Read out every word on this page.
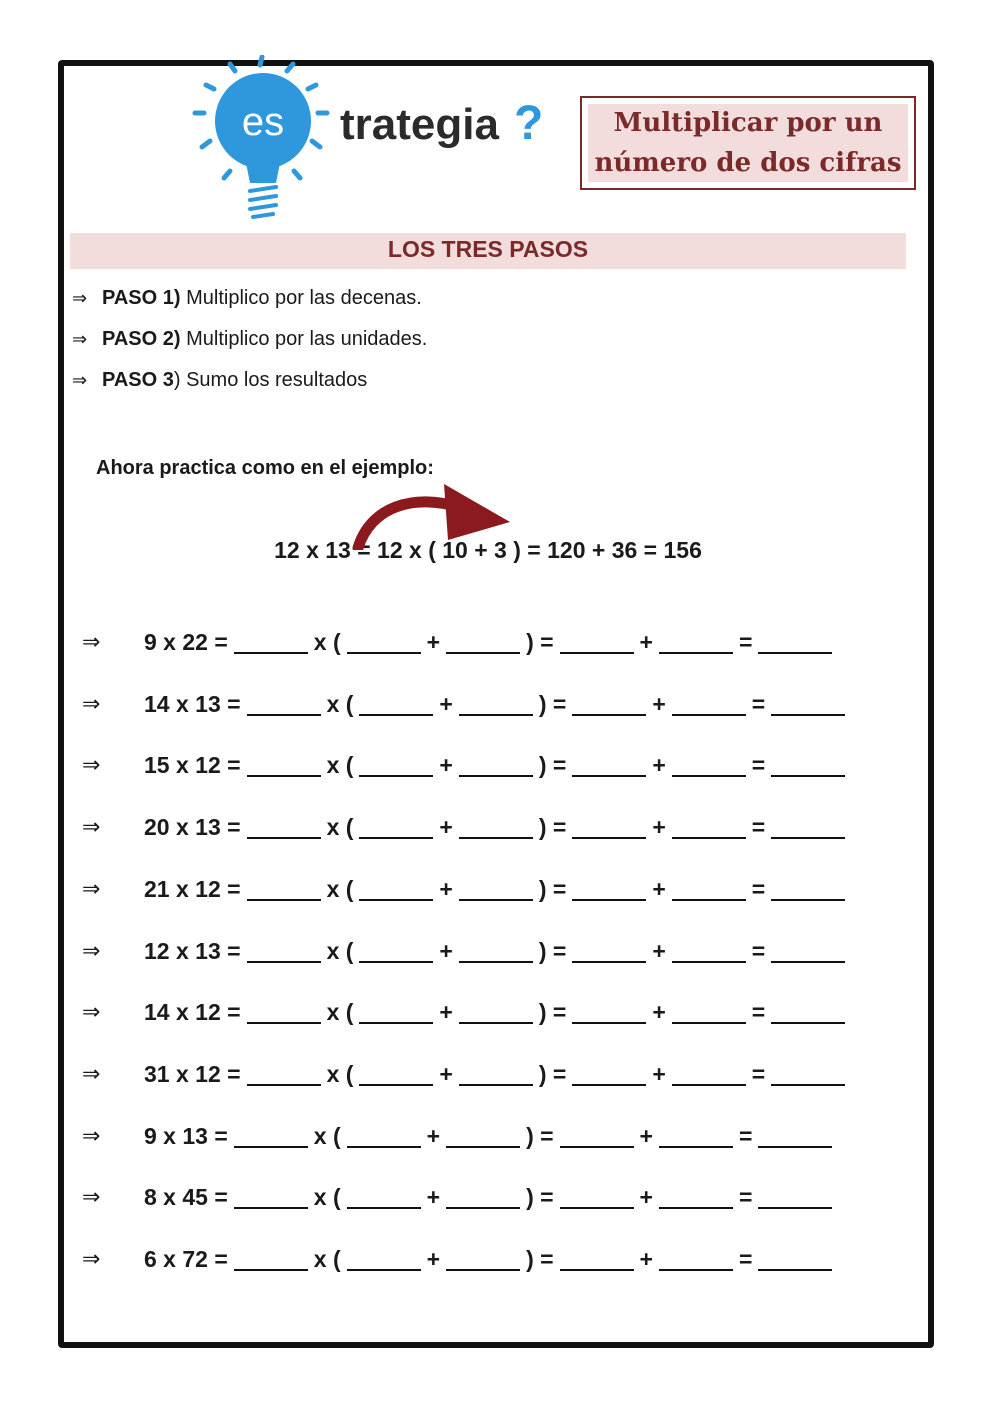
es trategia ?	Multiplicar por un
número de dos cifras
LOS TRES PASOS
⇒ PASO 1) Multiplico por las decenas.
⇒ PASO 2) Multiplico por las unidades.
⇒ PASO 3) Sumo los resultados
Ahora practica como en el ejemplo:
12 x 13 = 12 x ( 10 + 3 ) = 120 + 36 = 156
⇒ 9 x 22 =	x (	+	) =	+	=
⇒ 14 x 13 =	x (	+	) =	+	=
⇒ 15 x 12 =	x (	+	) =	+	=
⇒ 20 x 13 =	x (	+	) =	+	=
⇒ 21 x 12 =	x (	+	) =	+	=
⇒ 12 x 13 =	x (	+	) =	+	=
⇒ 14 x 12 =	x (	+	) =	+	=
⇒ 31 x 12 =	x (	+	) =	+	=
⇒ 9 x 13 =	x (	+	) =	+	=
⇒ 8 x 45 =	x (	+	) =	+	=
⇒ 6 x 72 =	x (	+	) =	+	=
